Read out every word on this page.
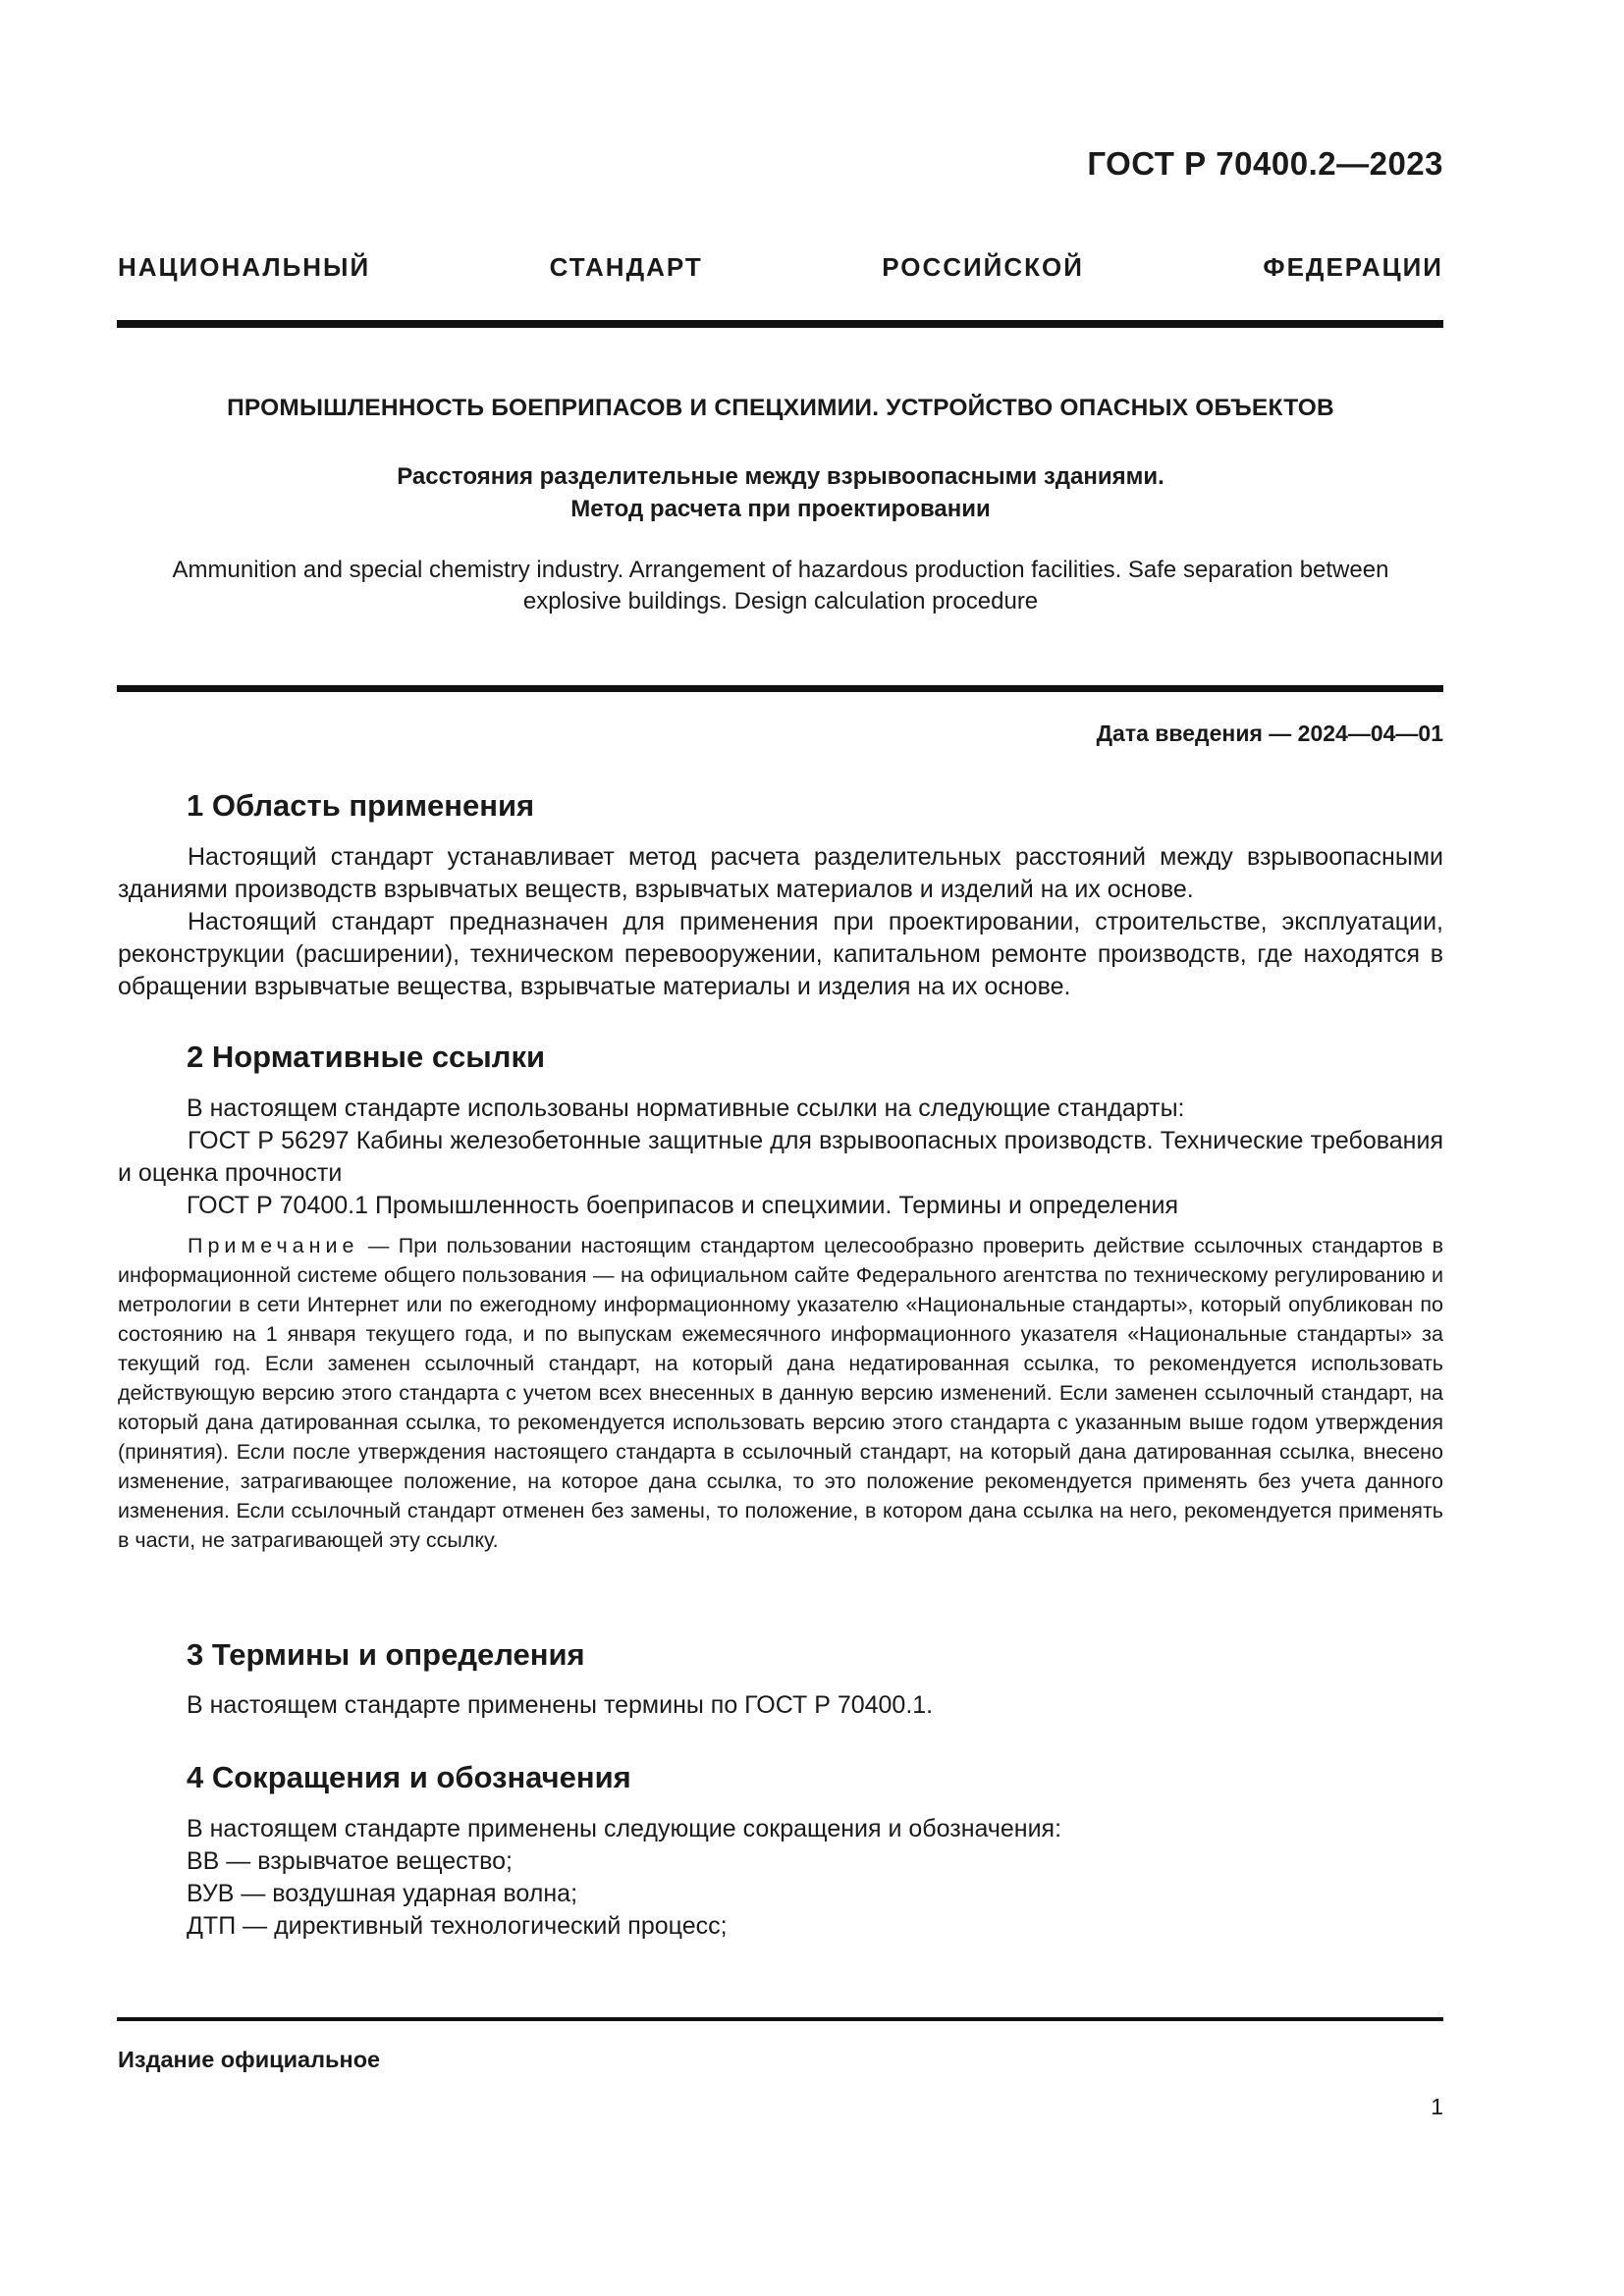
ГОСТ Р 70400.2—2023
НАЦИОНАЛЬНЫЙ СТАНДАРТ РОССИЙСКОЙ ФЕДЕРАЦИИ
ПРОМЫШЛЕННОСТЬ БОЕПРИПАСОВ И СПЕЦХИМИИ. УСТРОЙСТВО ОПАСНЫХ ОБЪЕКТОВ
Расстояния разделительные между взрывоопасными зданиями.
Метод расчета при проектировании
Ammunition and special chemistry industry. Arrangement of hazardous production facilities. Safe separation between
explosive buildings. Design calculation procedure
Дата введения — 2024—04—01
1 Область применения
Настоящий стандарт устанавливает метод расчета разделительных расстояний между взрывоопасными зданиями производств взрывчатых веществ, взрывчатых материалов и изделий на их основе.
Настоящий стандарт предназначен для применения при проектировании, строительстве, эксплуатации, реконструкции (расширении), техническом перевооружении, капитальном ремонте производств, где находятся в обращении взрывчатые вещества, взрывчатые материалы и изделия на их основе.
2 Нормативные ссылки
В настоящем стандарте использованы нормативные ссылки на следующие стандарты:
ГОСТ Р 56297 Кабины железобетонные защитные для взрывоопасных производств. Технические требования и оценка прочности
ГОСТ Р 70400.1 Промышленность боеприпасов и спецхимии. Термины и определения
Примечание — При пользовании настоящим стандартом целесообразно проверить действие ссылочных стандартов в информационной системе общего пользования — на официальном сайте Федерального агентства по техническому регулированию и метрологии в сети Интернет или по ежегодному информационному указателю «Национальные стандарты», который опубликован по состоянию на 1 января текущего года, и по выпускам ежемесячного информационного указателя «Национальные стандарты» за текущий год. Если заменен ссылочный стандарт, на который дана недатированная ссылка, то рекомендуется использовать действующую версию этого стандарта с учетом всех внесенных в данную версию изменений. Если заменен ссылочный стандарт, на который дана датированная ссылка, то рекомендуется использовать версию этого стандарта с указанным выше годом утверждения (принятия). Если после утверждения настоящего стандарта в ссылочный стандарт, на который дана датированная ссылка, внесено изменение, затрагивающее положение, на которое дана ссылка, то это положение рекомендуется применять без учета данного изменения. Если ссылочный стандарт отменен без замены, то положение, в котором дана ссылка на него, рекомендуется применять в части, не затрагивающей эту ссылку.
3 Термины и определения
В настоящем стандарте применены термины по ГОСТ Р 70400.1.
4 Сокращения и обозначения
В настоящем стандарте применены следующие сокращения и обозначения:
ВВ — взрывчатое вещество;
ВУВ — воздушная ударная волна;
ДТП — директивный технологический процесс;
Издание официальное
1
